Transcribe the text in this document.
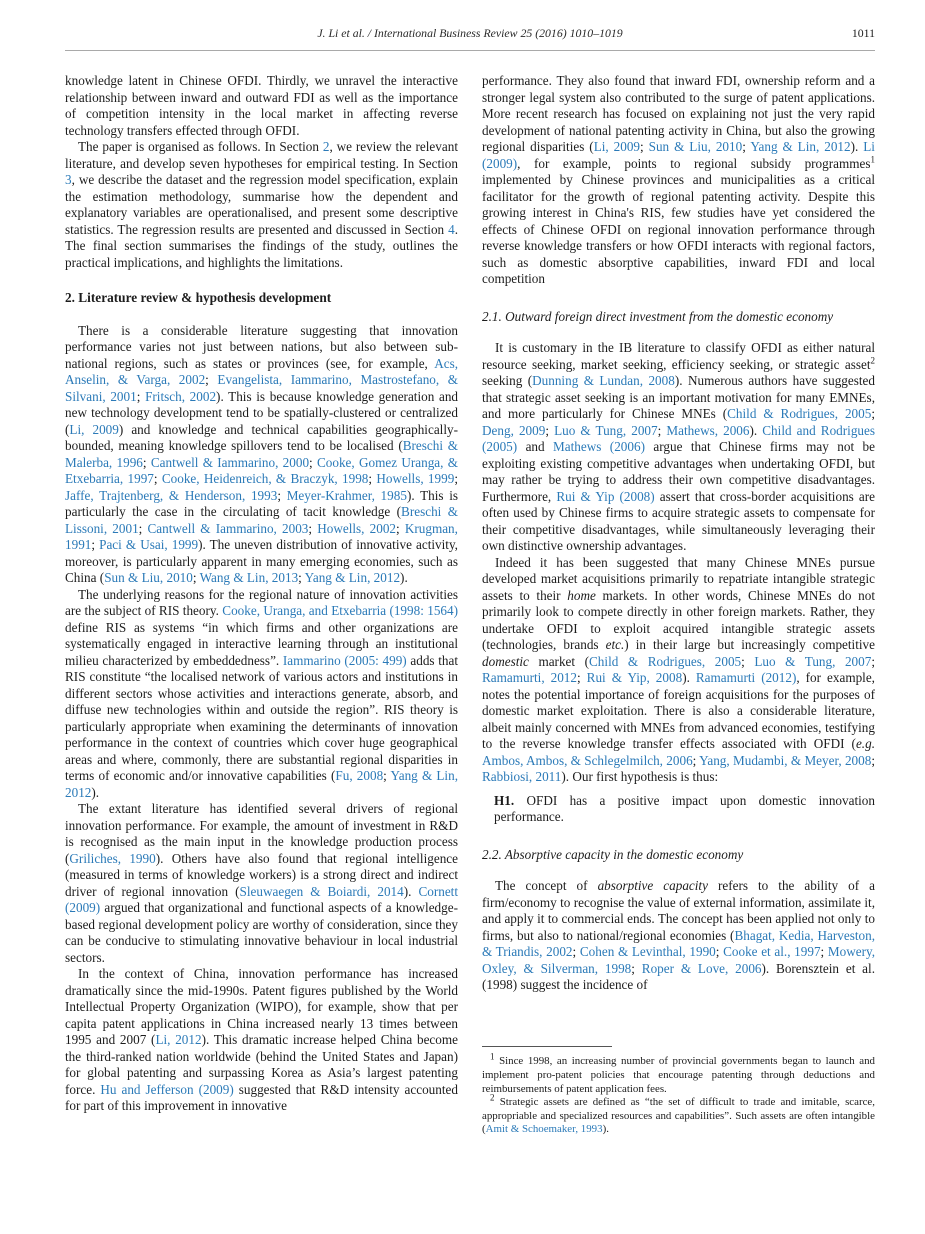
J. Li et al. / International Business Review 25 (2016) 1010–1019	1011

knowledge latent in Chinese OFDI. Thirdly, we unravel the interactive relationship between inward and outward FDI as well as the importance of competition intensity in the local market in affecting reverse technology transfers effected through OFDI.

The paper is organised as follows. In Section 2, we review the relevant literature, and develop seven hypotheses for empirical testing. In Section 3, we describe the dataset and the regression model specification, explain the estimation methodology, summarise how the dependent and explanatory variables are operationalised, and present some descriptive statistics. The regression results are presented and discussed in Section 4. The final section summarises the findings of the study, outlines the practical implications, and highlights the limitations.

2. Literature review & hypothesis development

There is a considerable literature suggesting that innovation performance varies not just between nations, but also between sub-national regions, such as states or provinces (see, for example, Acs, Anselin, & Varga, 2002; Evangelista, Iammarino, Mastrostefano, & Silvani, 2001; Fritsch, 2002). This is because knowledge generation and new technology development tend to be spatially-clustered or centralized (Li, 2009) and knowledge and technical capabilities geographically-bounded, meaning knowledge spillovers tend to be localised (Breschi & Malerba, 1996; Cantwell & Iammarino, 2000; Cooke, Gomez Uranga, & Etxebarria, 1997; Cooke, Heidenreich, & Braczyk, 1998; Howells, 1999; Jaffe, Trajtenberg, & Henderson, 1993; Meyer-Krahmer, 1985). This is particularly the case in the circulating of tacit knowledge (Breschi & Lissoni, 2001; Cantwell & Iammarino, 2003; Howells, 2002; Krugman, 1991; Paci & Usai, 1999). The uneven distribution of innovative activity, moreover, is particularly apparent in many emerging economies, such as China (Sun & Liu, 2010; Wang & Lin, 2013; Yang & Lin, 2012).

The underlying reasons for the regional nature of innovation activities are the subject of RIS theory. Cooke, Uranga, and Etxebarria (1998: 1564) define RIS as systems “in which firms and other organizations are systematically engaged in interactive learning through an institutional milieu characterized by embeddedness”. Iammarino (2005: 499) adds that RIS constitute “the localised network of various actors and institutions in different sectors whose activities and interactions generate, absorb, and diffuse new technologies within and outside the region”. RIS theory is particularly appropriate when examining the determinants of innovation performance in the context of countries which cover huge geographical areas and where, commonly, there are substantial regional disparities in terms of economic and/or innovative capabilities (Fu, 2008; Yang & Lin, 2012).

The extant literature has identified several drivers of regional innovation performance. For example, the amount of investment in R&D is recognised as the main input in the knowledge production process (Griliches, 1990). Others have also found that regional intelligence (measured in terms of knowledge workers) is a strong direct and indirect driver of regional innovation (Sleuwaegen & Boiardi, 2014). Cornett (2009) argued that organizational and functional aspects of a knowledge-based regional development policy are worthy of consideration, since they can be conducive to stimulating innovative behaviour in local industrial sectors.

In the context of China, innovation performance has increased dramatically since the mid-1990s. Patent figures published by the World Intellectual Property Organization (WIPO), for example, show that per capita patent applications in China increased nearly 13 times between 1995 and 2007 (Li, 2012). This dramatic increase helped China become the third-ranked nation worldwide (behind the United States and Japan) for global patenting and surpassing Korea as Asia’s largest patenting force. Hu and Jefferson (2009) suggested that R&D intensity accounted for part of this improvement in innovative

performance. They also found that inward FDI, ownership reform and a stronger legal system also contributed to the surge of patent applications. More recent research has focused on explaining not just the very rapid development of national patenting activity in China, but also the growing regional disparities (Li, 2009; Sun & Liu, 2010; Yang & Lin, 2012). Li (2009), for example, points to regional subsidy programmes$^1$ implemented by Chinese provinces and municipalities as a critical facilitator for the growth of regional patenting activity. Despite this growing interest in China's RIS, few studies have yet considered the effects of Chinese OFDI on regional innovation performance through reverse knowledge transfers or how OFDI interacts with regional factors, such as domestic absorptive capabilities, inward FDI and local competition

2.1. Outward foreign direct investment from the domestic economy

It is customary in the IB literature to classify OFDI as either natural resource seeking, market seeking, efficiency seeking, or strategic asset$^2$ seeking (Dunning & Lundan, 2008). Numerous authors have suggested that strategic asset seeking is an important motivation for many EMNEs, and more particularly for Chinese MNEs (Child & Rodrigues, 2005; Deng, 2009; Luo & Tung, 2007; Mathews, 2006). Child and Rodrigues (2005) and Mathews (2006) argue that Chinese firms may not be exploiting existing competitive advantages when undertaking OFDI, but may rather be trying to address their own competitive disadvantages. Furthermore, Rui & Yip (2008) assert that cross-border acquisitions are often used by Chinese firms to acquire strategic assets to compensate for their competitive disadvantages, while simultaneously leveraging their own distinctive ownership advantages.

Indeed it has been suggested that many Chinese MNEs pursue developed market acquisitions primarily to repatriate intangible strategic assets to their home markets. In other words, Chinese MNEs do not primarily look to compete directly in other foreign markets. Rather, they undertake OFDI to exploit acquired intangible strategic assets (technologies, brands etc.) in their large but increasingly competitive domestic market (Child & Rodrigues, 2005; Luo & Tung, 2007; Ramamurti, 2012; Rui & Yip, 2008). Ramamurti (2012), for example, notes the potential importance of foreign acquisitions for the purposes of domestic market exploitation. There is also a considerable literature, albeit mainly concerned with MNEs from advanced economies, testifying to the reverse knowledge transfer effects associated with OFDI (e.g. Ambos, Ambos, & Schlegelmilch, 2006; Yang, Mudambi, & Meyer, 2008; Rabbiosi, 2011). Our first hypothesis is thus:

H1. OFDI has a positive impact upon domestic innovation performance.

2.2. Absorptive capacity in the domestic economy

The concept of absorptive capacity refers to the ability of a firm/economy to recognise the value of external information, assimilate it, and apply it to commercial ends. The concept has been applied not only to firms, but also to national/regional economies (Bhagat, Kedia, Harveston, & Triandis, 2002; Cohen & Levinthal, 1990; Cooke et al., 1997; Mowery, Oxley, & Silverman, 1998; Roper & Love, 2006). Borensztein et al. (1998) suggest the incidence of

$^1$ Since 1998, an increasing number of provincial governments began to launch and implement pro-patent policies that encourage patenting through deductions and reimbursements of patent application fees.

$^2$ Strategic assets are defined as “the set of difficult to trade and imitable, scarce, appropriable and specialized resources and capabilities”. Such assets are often intangible (Amit & Schoemaker, 1993).
